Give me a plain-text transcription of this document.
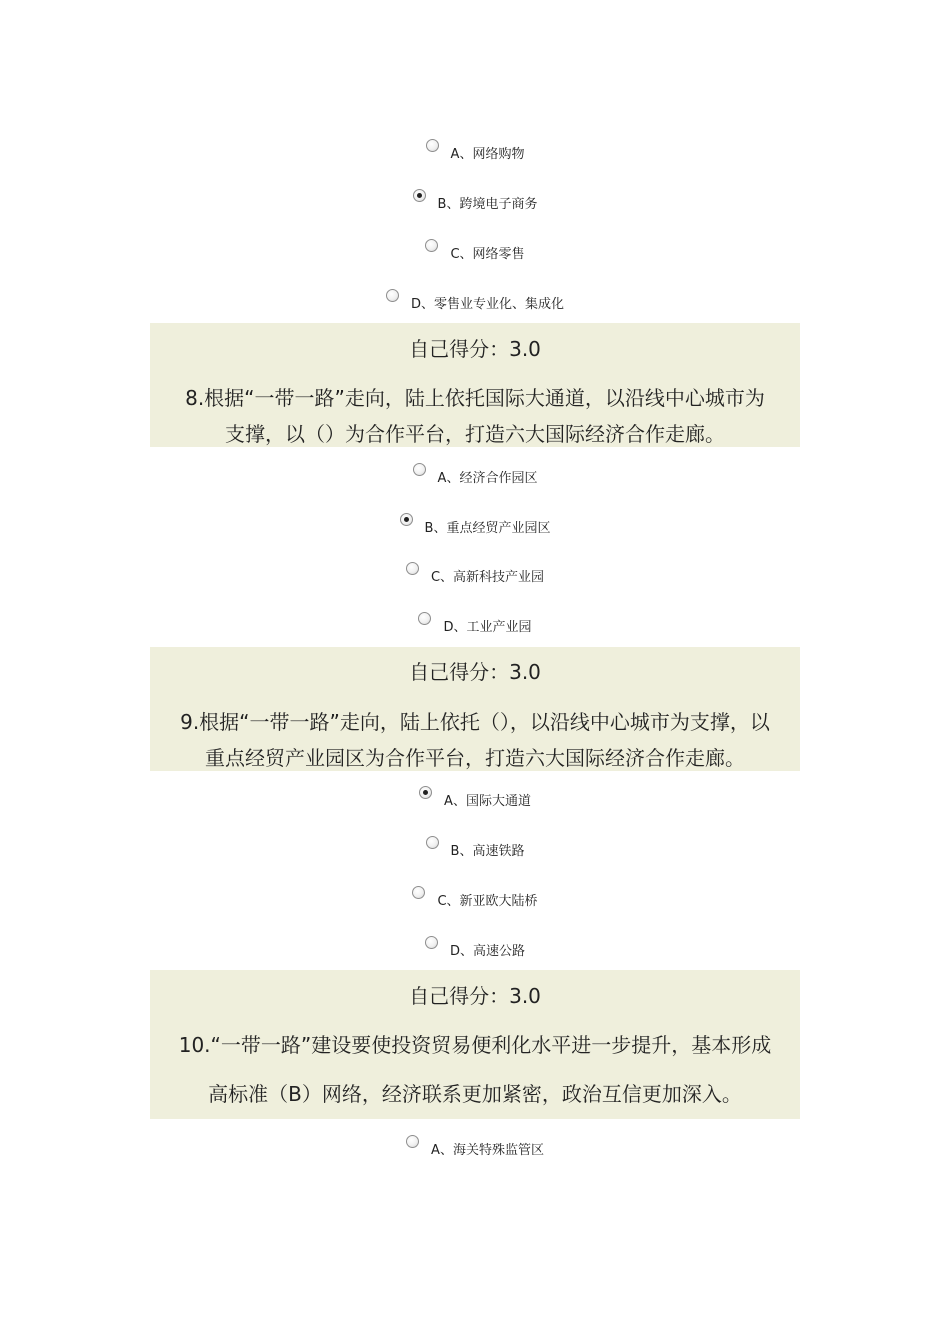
A、网络购物
B、跨境电子商务
C、网络零售
D、零售业专业化、集成化
自己得分：3.0
8.根据“一带一路”走向，陆上依托国际大通道，以沿线中心城市为
支撑，以（）为合作平台，打造六大国际经济合作走廊。
A、经济合作园区
B、重点经贸产业园区
C、高新科技产业园
D、工业产业园
自己得分：3.0
9.根据“一带一路”走向，陆上依托（），以沿线中心城市为支撑，以
重点经贸产业园区为合作平台，打造六大国际经济合作走廊。
A、国际大通道
B、高速铁路
C、新亚欧大陆桥
D、高速公路
自己得分：3.0
10.“一带一路”建设要使投资贸易便利化水平进一步提升，基本形成
高标准（B）网络，经济联系更加紧密，政治互信更加深入。
A、海关特殊监管区
